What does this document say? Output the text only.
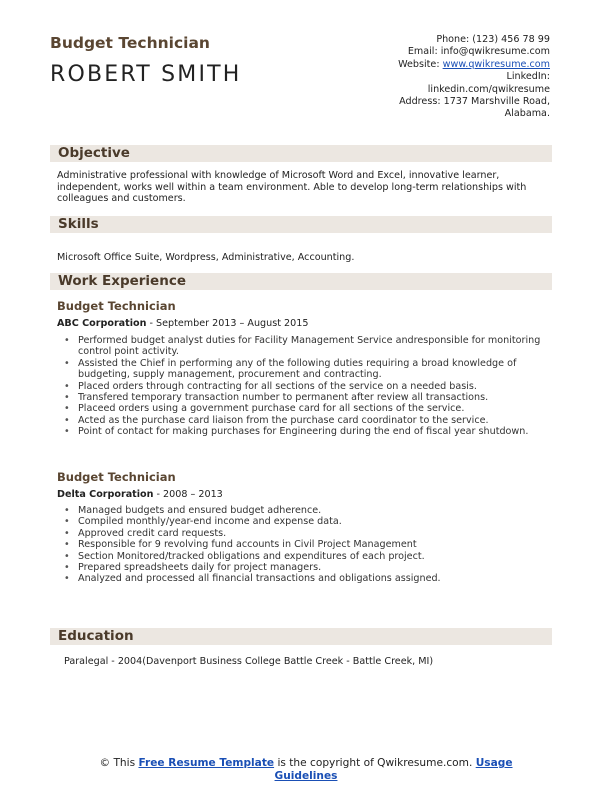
Budget Technician
ROBERT SMITH
Phone: (123) 456 78 99
Email: info@qwikresume.com
Website: www.qwikresume.com
LinkedIn:
linkedin.com/qwikresume
Address: 1737 Marshville Road,
Alabama.
Objective
Administrative professional with knowledge of Microsoft Word and Excel, innovative learner, independent, works well within a team environment. Able to develop long-term relationships with colleagues and customers.
Skills
Microsoft Office Suite, Wordpress, Administrative, Accounting.
Work Experience
Budget Technician
ABC Corporation - September 2013 – August 2015
• Performed budget analyst duties for Facility Management Service andresponsible for monitoring control point activity.
• Assisted the Chief in performing any of the following duties requiring a broad knowledge of budgeting, supply management, procurement and contracting.
• Placed orders through contracting for all sections of the service on a needed basis.
• Transfered temporary transaction number to permanent after review all transactions.
• Placeed orders using a government purchase card for all sections of the service.
• Acted as the purchase card liaison from the purchase card coordinator to the service.
• Point of contact for making purchases for Engineering during the end of fiscal year shutdown.
Budget Technician
Delta Corporation - 2008 – 2013
• Managed budgets and ensured budget adherence.
• Compiled monthly/year-end income and expense data.
• Approved credit card requests.
• Responsible for 9 revolving fund accounts in Civil Project Management
• Section Monitored/tracked obligations and expenditures of each project.
• Prepared spreadsheets daily for project managers.
• Analyzed and processed all financial transactions and obligations assigned.
Education
Paralegal - 2004(Davenport Business College Battle Creek - Battle Creek, MI)
© This Free Resume Template is the copyright of Qwikresume.com. Usage
Guidelines
